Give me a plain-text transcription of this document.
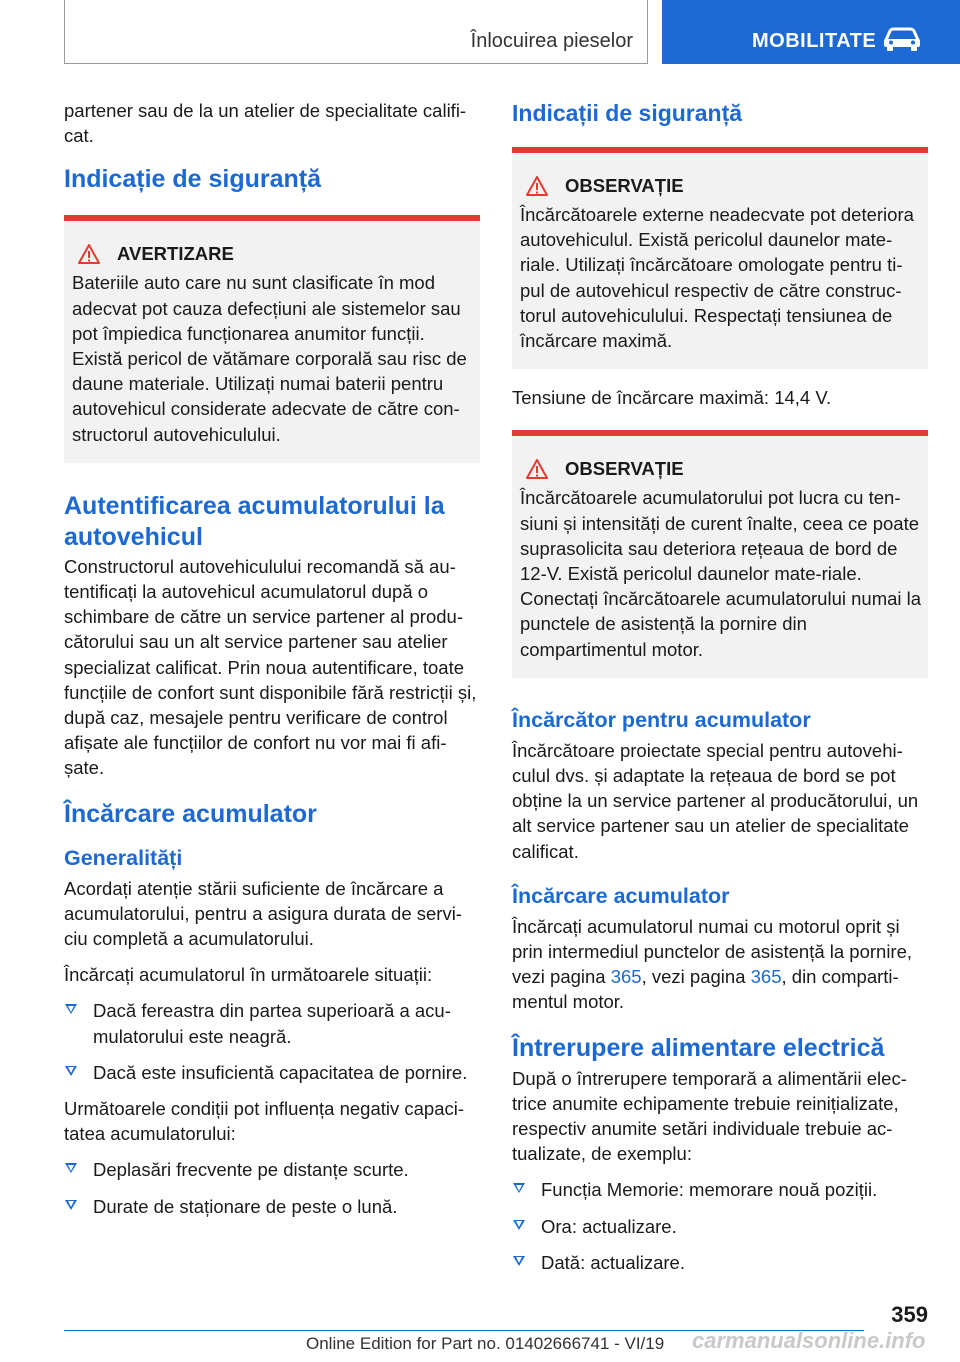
Înlocuirea pieselor	MOBILITATE

partener sau de la un atelier de specialitate califi-cat.

Indicație de siguranță
AVERTIZARE

Bateriile auto care nu sunt clasificate în mod adecvat pot cauza defecțiuni ale sistemelor sau pot împiedica funcționarea anumitor funcții. Există pericol de vătămare corporală sau risc de daune materiale. Utilizați numai baterii pentru autovehicul considerate adecvate de către con-structorul autovehiculului.

Autentificarea acumulatorului la autovehicul

Constructorul autovehiculului recomandă să au-tentificați la autovehicul acumulatorul după o schimbare de către un service partener al produ-cătorului sau un alt service partener sau atelier specializat calificat. Prin noua autentificare, toate funcțiile de confort sunt disponibile fără restricții și, după caz, mesajele pentru verificare de control afișate ale funcțiilor de confort nu vor mai fi afi-șate.

Încărcare acumulator
Generalități

Acordați atenție stării suficiente de încărcare a acumulatorului, pentru a asigura durata de servi-ciu completă a acumulatorului.

Încărcați acumulatorul în următoarele situații:

Dacă fereastra din partea superioară a acu-mulatorului este neagră.
Dacă este insuficientă capacitatea de pornire.

Următoarele condiții pot influența negativ capaci-tatea acumulatorului:

Deplasări frecvente pe distanțe scurte.
Durate de staționare de peste o lună.
Indicații de siguranță
OBSERVAȚIE

Încărcătoarele externe neadecvate pot deteriora autovehiculul. Există pericolul daunelor mate-riale. Utilizați încărcătoare omologate pentru ti-pul de autovehicul respectiv de către construc-torul autovehiculului. Respectați tensiunea de încărcare maximă.

Tensiune de încărcare maximă: 14,4 V.

OBSERVAȚIE

Încărcătoarele acumulatorului pot lucra cu ten-siuni și intensități de curent înalte, ceea ce poate suprasolicita sau deteriora rețeaua de bord de 12-V. Există pericolul daunelor mate-riale. Conectați încărcătoarele acumulatorului numai la punctele de asistență la pornire din compartimentul motor.

Încărcător pentru acumulator

Încărcătoare proiectate special pentru autovehi-culul dvs. și adaptate la rețeaua de bord se pot obține la un service partener al producătorului, un alt service partener sau un atelier de specialitate calificat.

Încărcare acumulator

Încărcați acumulatorul numai cu motorul oprit și prin intermediul punctelor de asistență la pornire, vezi pagina 365, vezi pagina 365, din comparti-mentul motor.

Întrerupere alimentare electrică

După o întrerupere temporară a alimentării elec-trice anumite echipamente trebuie reinițializate, respectiv anumite setări individuale trebuie ac-tualizate, de exemplu:

Funcția Memorie: memorare nouă poziții.
Ora: actualizare.
Dată: actualizare.
359
Online Edition for Part no. 01402666741 - VI/19 carmanualsonline.info
